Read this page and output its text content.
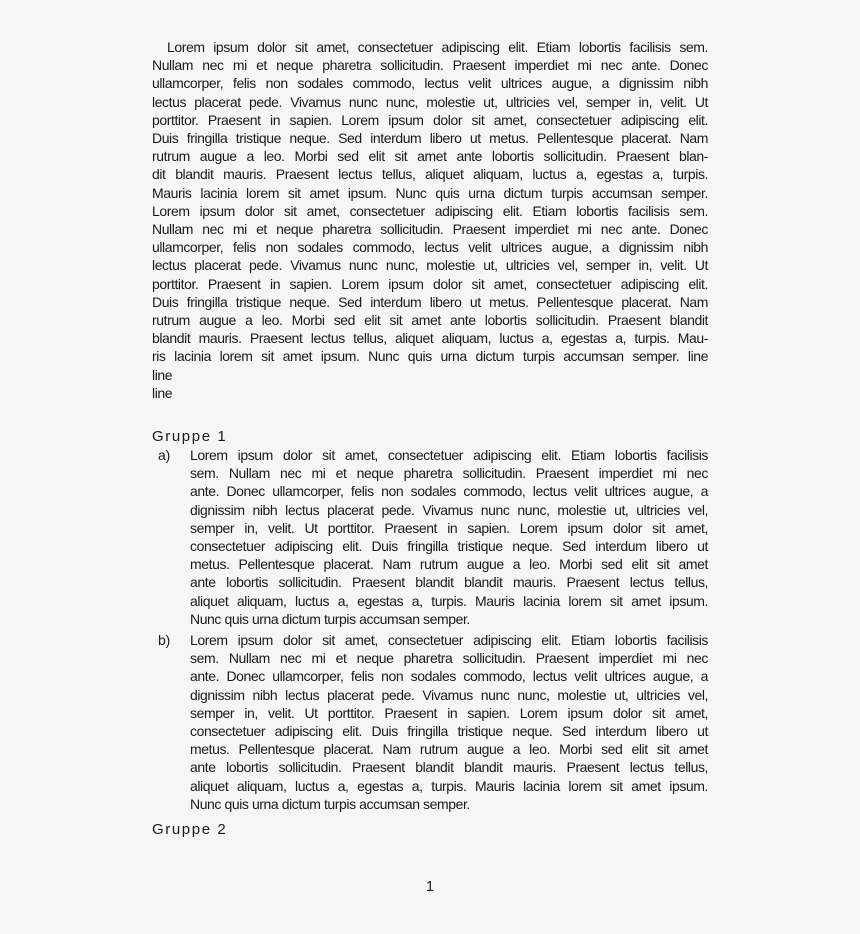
Lorem ipsum dolor sit amet, consectetuer adipiscing elit. Etiam lobortis facilisis sem.
Nullam nec mi et neque pharetra sollicitudin. Praesent imperdiet mi nec ante. Donec
ullamcorper, felis non sodales commodo, lectus velit ultrices augue, a dignissim nibh
lectus placerat pede. Vivamus nunc nunc, molestie ut, ultricies vel, semper in, velit. Ut
porttitor. Praesent in sapien. Lorem ipsum dolor sit amet, consectetuer adipiscing elit.
Duis fringilla tristique neque. Sed interdum libero ut metus. Pellentesque placerat. Nam
rutrum augue a leo. Morbi sed elit sit amet ante lobortis sollicitudin. Praesent blan-
dit blandit mauris. Praesent lectus tellus, aliquet aliquam, luctus a, egestas a, turpis.
Mauris lacinia lorem sit amet ipsum. Nunc quis urna dictum turpis accumsan semper.
Lorem ipsum dolor sit amet, consectetuer adipiscing elit. Etiam lobortis facilisis sem.
Nullam nec mi et neque pharetra sollicitudin. Praesent imperdiet mi nec ante. Donec
ullamcorper, felis non sodales commodo, lectus velit ultrices augue, a dignissim nibh
lectus placerat pede. Vivamus nunc nunc, molestie ut, ultricies vel, semper in, velit. Ut
porttitor. Praesent in sapien. Lorem ipsum dolor sit amet, consectetuer adipiscing elit.
Duis fringilla tristique neque. Sed interdum libero ut metus. Pellentesque placerat. Nam
rutrum augue a leo. Morbi sed elit sit amet ante lobortis sollicitudin. Praesent blandit
blandit mauris. Praesent lectus tellus, aliquet aliquam, luctus a, egestas a, turpis. Mau-
ris lacinia lorem sit amet ipsum. Nunc quis urna dictum turpis accumsan semper. line
line
line
Gruppe 1
a) Lorem ipsum dolor sit amet, consectetuer adipiscing elit. Etiam lobortis facilisis
sem. Nullam nec mi et neque pharetra sollicitudin. Praesent imperdiet mi nec
ante. Donec ullamcorper, felis non sodales commodo, lectus velit ultrices augue, a
dignissim nibh lectus placerat pede. Vivamus nunc nunc, molestie ut, ultricies vel,
semper in, velit. Ut porttitor. Praesent in sapien. Lorem ipsum dolor sit amet,
consectetuer adipiscing elit. Duis fringilla tristique neque. Sed interdum libero ut
metus. Pellentesque placerat. Nam rutrum augue a leo. Morbi sed elit sit amet
ante lobortis sollicitudin. Praesent blandit blandit mauris. Praesent lectus tellus,
aliquet aliquam, luctus a, egestas a, turpis. Mauris lacinia lorem sit amet ipsum.
Nunc quis urna dictum turpis accumsan semper.
b) Lorem ipsum dolor sit amet, consectetuer adipiscing elit. Etiam lobortis facilisis
sem. Nullam nec mi et neque pharetra sollicitudin. Praesent imperdiet mi nec
ante. Donec ullamcorper, felis non sodales commodo, lectus velit ultrices augue, a
dignissim nibh lectus placerat pede. Vivamus nunc nunc, molestie ut, ultricies vel,
semper in, velit. Ut porttitor. Praesent in sapien. Lorem ipsum dolor sit amet,
consectetuer adipiscing elit. Duis fringilla tristique neque. Sed interdum libero ut
metus. Pellentesque placerat. Nam rutrum augue a leo. Morbi sed elit sit amet
ante lobortis sollicitudin. Praesent blandit blandit mauris. Praesent lectus tellus,
aliquet aliquam, luctus a, egestas a, turpis. Mauris lacinia lorem sit amet ipsum.
Nunc quis urna dictum turpis accumsan semper.
Gruppe 2
1
